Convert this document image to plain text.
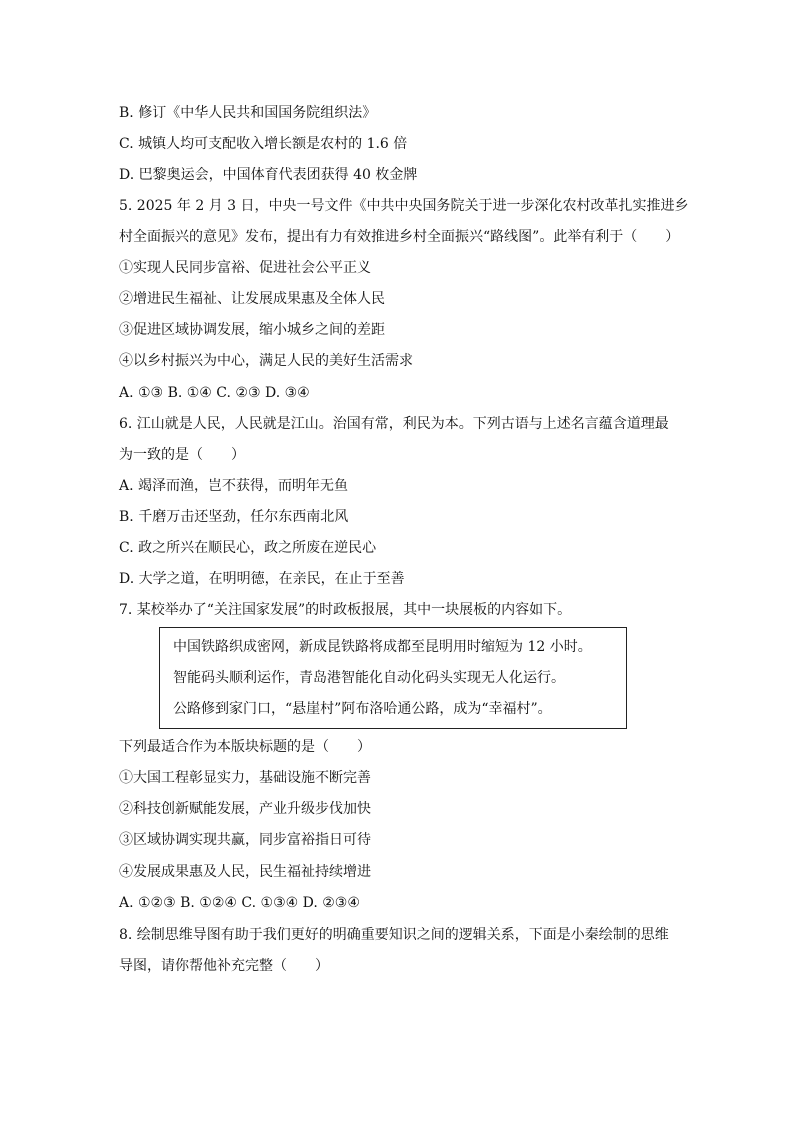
B. 修订《中华人民共和国国务院组织法》
C. 城镇人均可支配收入增长额是农村的 1.6 倍
D. 巴黎奥运会，中国体育代表团获得 40 枚金牌
5. 2025 年 2 月 3 日，中央一号文件《中共中央国务院关于进一步深化农村改革扎实推进乡
村全面振兴的意见》发布，提出有力有效推进乡村全面振兴“路线图”。此举有利于（　　）
①实现人民同步富裕、促进社会公平正义
②增进民生福祉、让发展成果惠及全体人民
③促进区域协调发展，缩小城乡之间的差距
④以乡村振兴为中心，满足人民的美好生活需求
A. ①③ B. ①④ C. ②③ D. ③④
6. 江山就是人民，人民就是江山。治国有常，利民为本。下列古语与上述名言蕴含道理最
为一致的是（　　）
A. 竭泽而渔，岂不获得，而明年无鱼
B. 千磨万击还坚劲，任尔东西南北风
C. 政之所兴在顺民心，政之所废在逆民心
D. 大学之道，在明明德，在亲民，在止于至善
7. 某校举办了“关注国家发展”的时政板报展，其中一块展板的内容如下。
中国铁路织成密网，新成昆铁路将成都至昆明用时缩短为 12 小时。
智能码头顺利运作，青岛港智能化自动化码头实现无人化运行。
公路修到家门口，“悬崖村”阿布洛哈通公路，成为“幸福村”。
下列最适合作为本版块标题的是（　　）
①大国工程彰显实力，基础设施不断完善
②科技创新赋能发展，产业升级步伐加快
③区域协调实现共赢，同步富裕指日可待
④发展成果惠及人民，民生福祉持续增进
A. ①②③ B. ①②④ C. ①③④ D. ②③④
8. 绘制思维导图有助于我们更好的明确重要知识之间的逻辑关系，下面是小秦绘制的思维
导图，请你帮他补充完整（　　）
